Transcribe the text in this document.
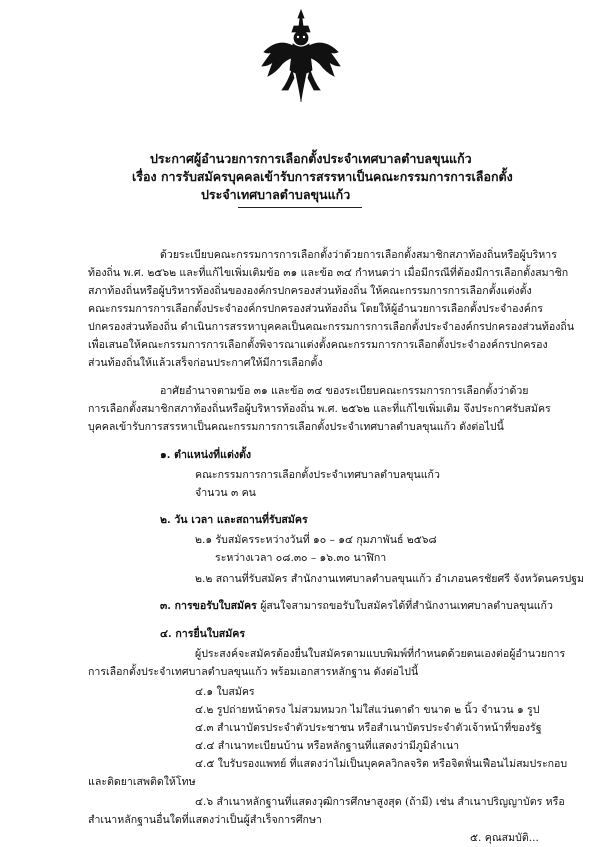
ประกาศผู้อำนวยการการเลือกตั้งประจำเทศบาลตำบลขุนแก้ว
เรื่อง การรับสมัครบุคคลเข้ารับการสรรหาเป็นคณะกรรมการการเลือกตั้ง
ประจำเทศบาลตำบลขุนแก้ว
ด้วยระเบียบคณะกรรมการการเลือกตั้งว่าด้วยการเลือกตั้งสมาชิกสภาท้องถิ่นหรือผู้บริหาร
ท้องถิ่น พ.ศ. ๒๕๖๒ และที่แก้ไขเพิ่มเติมข้อ ๓๑ และข้อ ๓๔ กำหนดว่า เมื่อมีกรณีที่ต้องมีการเลือกตั้งสมาชิก
สภาท้องถิ่นหรือผู้บริหารท้องถิ่นขององค์กรปกครองส่วนท้องถิ่น ให้คณะกรรมการการเลือกตั้งแต่งตั้ง
คณะกรรมการการเลือกตั้งประจำองค์กรปกครองส่วนท้องถิ่น โดยให้ผู้อำนวยการเลือกตั้งประจำองค์กร
ปกครองส่วนท้องถิ่น ดำเนินการสรรหาบุคคลเป็นคณะกรรมการการเลือกตั้งประจำองค์กรปกครองส่วนท้องถิ่น
เพื่อเสนอให้คณะกรรมการการเลือกตั้งพิจารณาแต่งตั้งคณะกรรมการการเลือกตั้งประจำองค์กรปกครอง
ส่วนท้องถิ่นให้แล้วเสร็จก่อนประกาศให้มีการเลือกตั้ง
อาศัยอำนาจตามข้อ ๓๑ และข้อ ๓๔ ของระเบียบคณะกรรมการการเลือกตั้งว่าด้วย
การเลือกตั้งสมาชิกสภาท้องถิ่นหรือผู้บริหารท้องถิ่น พ.ศ. ๒๕๖๒ และที่แก้ไขเพิ่มเติม จึงประกาศรับสมัคร
บุคคลเข้ารับการสรรหาเป็นคณะกรรมการการเลือกตั้งประจำเทศบาลตำบลขุนแก้ว ดังต่อไปนี้
๑. ตำแหน่งที่แต่งตั้ง
คณะกรรมการการเลือกตั้งประจำเทศบาลตำบลขุนแก้ว
จำนวน ๓ คน
๒. วัน เวลา และสถานที่รับสมัคร
๒.๑ รับสมัครระหว่างวันที่ ๑๐ – ๑๔ กุมภาพันธ์ ๒๕๖๘
ระหว่างเวลา ๐๘.๓๐ – ๑๖.๓๐ นาฬิกา
๒.๒ สถานที่รับสมัคร สำนักงานเทศบาลตำบลขุนแก้ว อำเภอนครชัยศรี จังหวัดนครปฐม
๓. การขอรับใบสมัคร ผู้สนใจสามารถขอรับใบสมัครได้ที่สำนักงานเทศบาลตำบลขุนแก้ว
๔. การยื่นใบสมัคร
ผู้ประสงค์จะสมัครต้องยื่นใบสมัครตามแบบพิมพ์ที่กำหนดด้วยตนเองต่อผู้อำนวยการ
การเลือกตั้งประจำเทศบาลตำบลขุนแก้ว พร้อมเอกสารหลักฐาน ดังต่อไปนี้
๔.๑ ใบสมัคร
๔.๒ รูปถ่ายหน้าตรง ไม่สวมหมวก ไม่ใส่แว่นตาดำ ขนาด ๒ นิ้ว จำนวน ๑ รูป
๔.๓ สำเนาบัตรประจำตัวประชาชน หรือสำเนาบัตรประจำตัวเจ้าหน้าที่ของรัฐ
๔.๔ สำเนาทะเบียนบ้าน หรือหลักฐานที่แสดงว่ามีภูมิลำเนา
๔.๕ ใบรับรองแพทย์ ที่แสดงว่าไม่เป็นบุคคลวิกลจริต หรือจิตฟั่นเฟือนไม่สมประกอบ
และติดยาเสพติดให้โทษ
๔.๖ สำเนาหลักฐานที่แสดงวุฒิการศึกษาสูงสุด (ถ้ามี) เช่น สำเนาปริญญาบัตร หรือ
สำเนาหลักฐานอื่นใดที่แสดงว่าเป็นผู้สำเร็จการศึกษา
๕. คุณสมบัติ...
